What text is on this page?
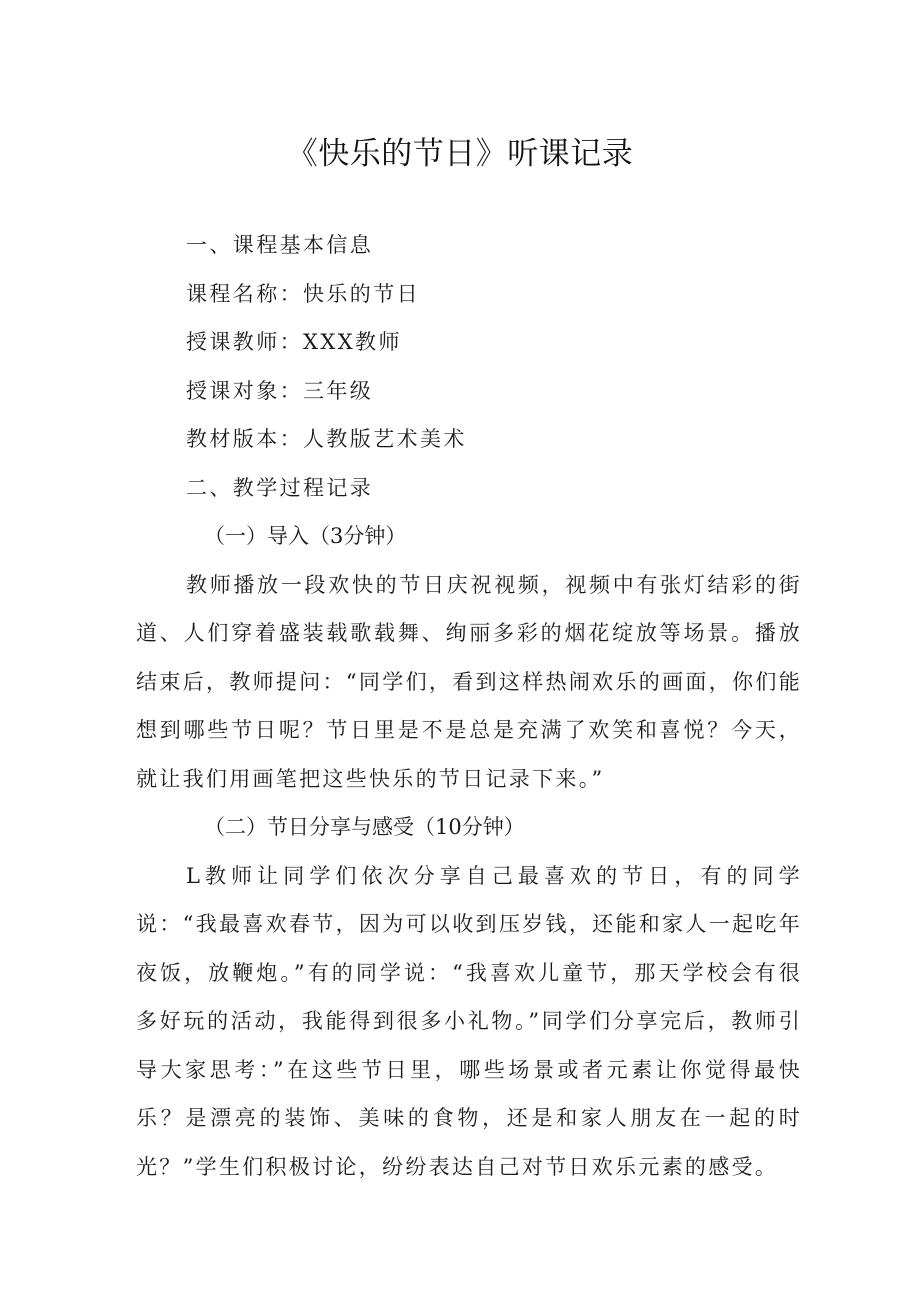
《快乐的节日》听课记录

一、课程基本信息

课程名称：快乐的节日

授课教师：XXX教师

授课对象：三年级

教材版本：人教版艺术美术

二、教学过程记录

（一）导入（3分钟）

教师播放一段欢快的节日庆祝视频，视频中有张灯结彩的街道、人们穿着盛装载歌载舞、绚丽多彩的烟花绽放等场景。播放结束后，教师提问：“同学们，看到这样热闹欢乐的画面，你们能想到哪些节日呢？节日里是不是总是充满了欢笑和喜悦？今天，就让我们用画笔把这些快乐的节日记录下来。”

（二）节日分享与感受（10分钟）

L教师让同学们依次分享自己最喜欢的节日，有的同学说：“我最喜欢春节，因为可以收到压岁钱，还能和家人一起吃年夜饭，放鞭炮。”有的同学说：“我喜欢儿童节，那天学校会有很多好玩的活动，我能得到很多小礼物。”同学们分享完后，教师引导大家思考：”在这些节日里，哪些场景或者元素让你觉得最快乐？是漂亮的装饰、美味的食物，还是和家人朋友在一起的时光？”学生们积极讨论，纷纷表达自己对节日欢乐元素的感受。
